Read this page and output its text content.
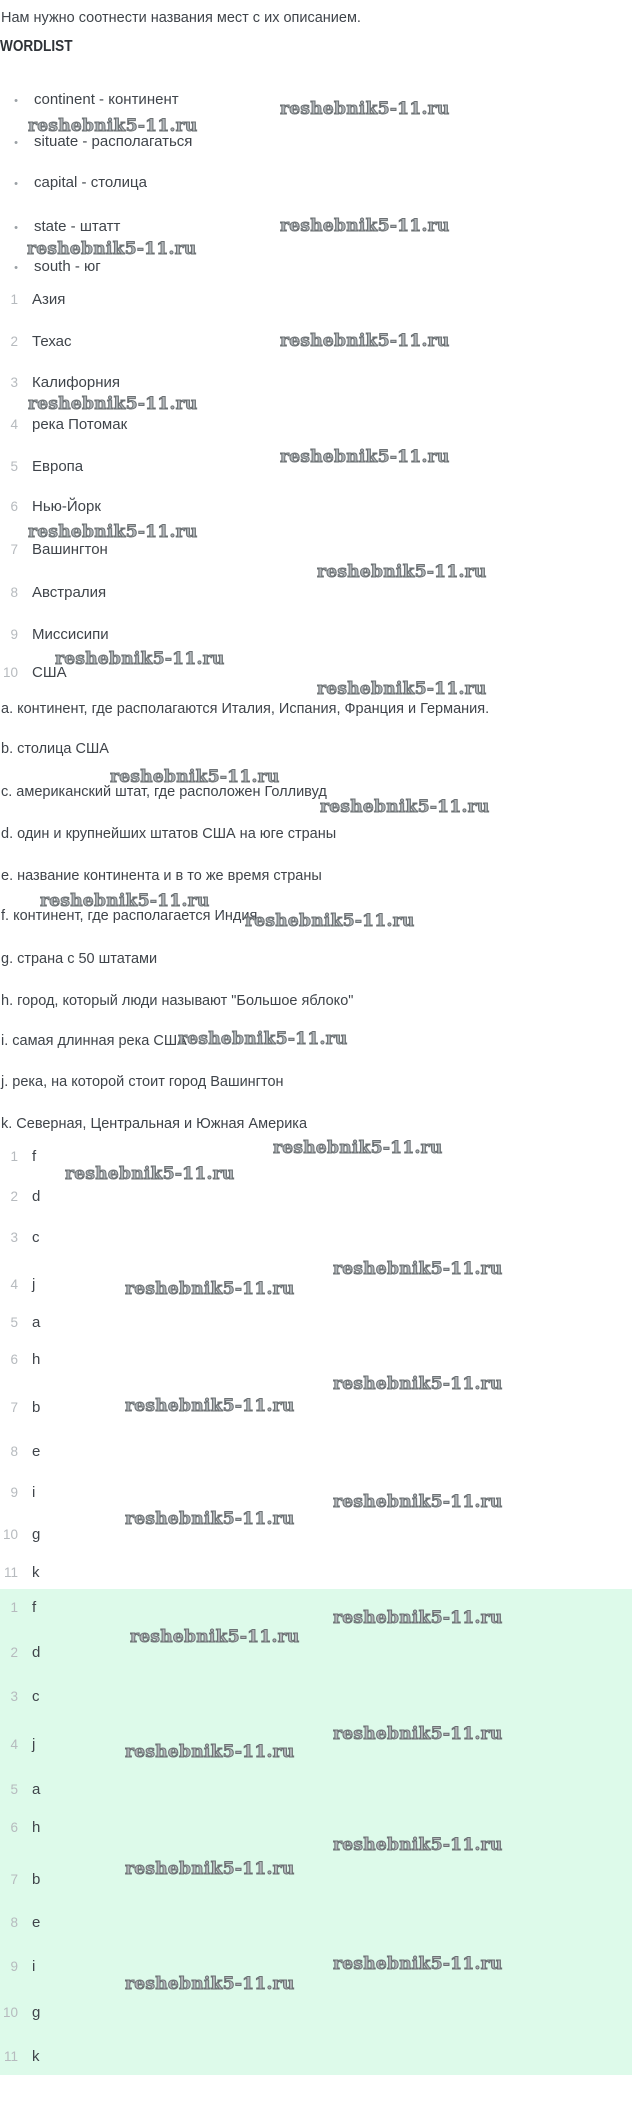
Нам нужно соотнести названия мест с их описанием.
WORDLIST
• continent - континент
• situate - располагаться
• capital - столица
• state - штатт
• south - юг
1 Азия
2 Техас
3 Калифорния
4 река Потомак
5 Европа
6 Нью-Йорк
7 Вашингтон
8 Австралия
9 Миссисипи
10 США
a. континент, где располагаются Италия, Испания, Франция и Германия.
b. столица США
c. американский штат, где расположен Голливуд
d. один и крупнейших штатов США на юге страны
e. название континента и в то же время страны
f. континент, где располагается Индия
g. страна с 50 штатами
h. город, который люди называют "Большое яблоко"
i. самая длинная река США
j. река, на которой стоит город Вашингтон
k. Северная, Центральная и Южная Америка
1 f
2 d
3 c
4 j
5 a
6 h
7 b
8 e
9 i
10 g
11 k
1 f
2 d
3 c
4 j
5 a
6 h
7 b
8 e
9 i
10 g
11 k
reshebnik5-11.ru
reshebnik5-11.ru
reshebnik5-11.ru
reshebnik5-11.ru
reshebnik5-11.ru
reshebnik5-11.ru
reshebnik5-11.ru
reshebnik5-11.ru
reshebnik5-11.ru
reshebnik5-11.ru
reshebnik5-11.ru
reshebnik5-11.ru
reshebnik5-11.ru
reshebnik5-11.ru
reshebnik5-11.ru
reshebnik5-11.ru
reshebnik5-11.ru
reshebnik5-11.ru
reshebnik5-11.ru
reshebnik5-11.ru
reshebnik5-11.ru
reshebnik5-11.ru
reshebnik5-11.ru
reshebnik5-11.ru
reshebnik5-11.ru
reshebnik5-11.ru
reshebnik5-11.ru
reshebnik5-11.ru
reshebnik5-11.ru
reshebnik5-11.ru
reshebnik5-11.ru
reshebnik5-11.ru
